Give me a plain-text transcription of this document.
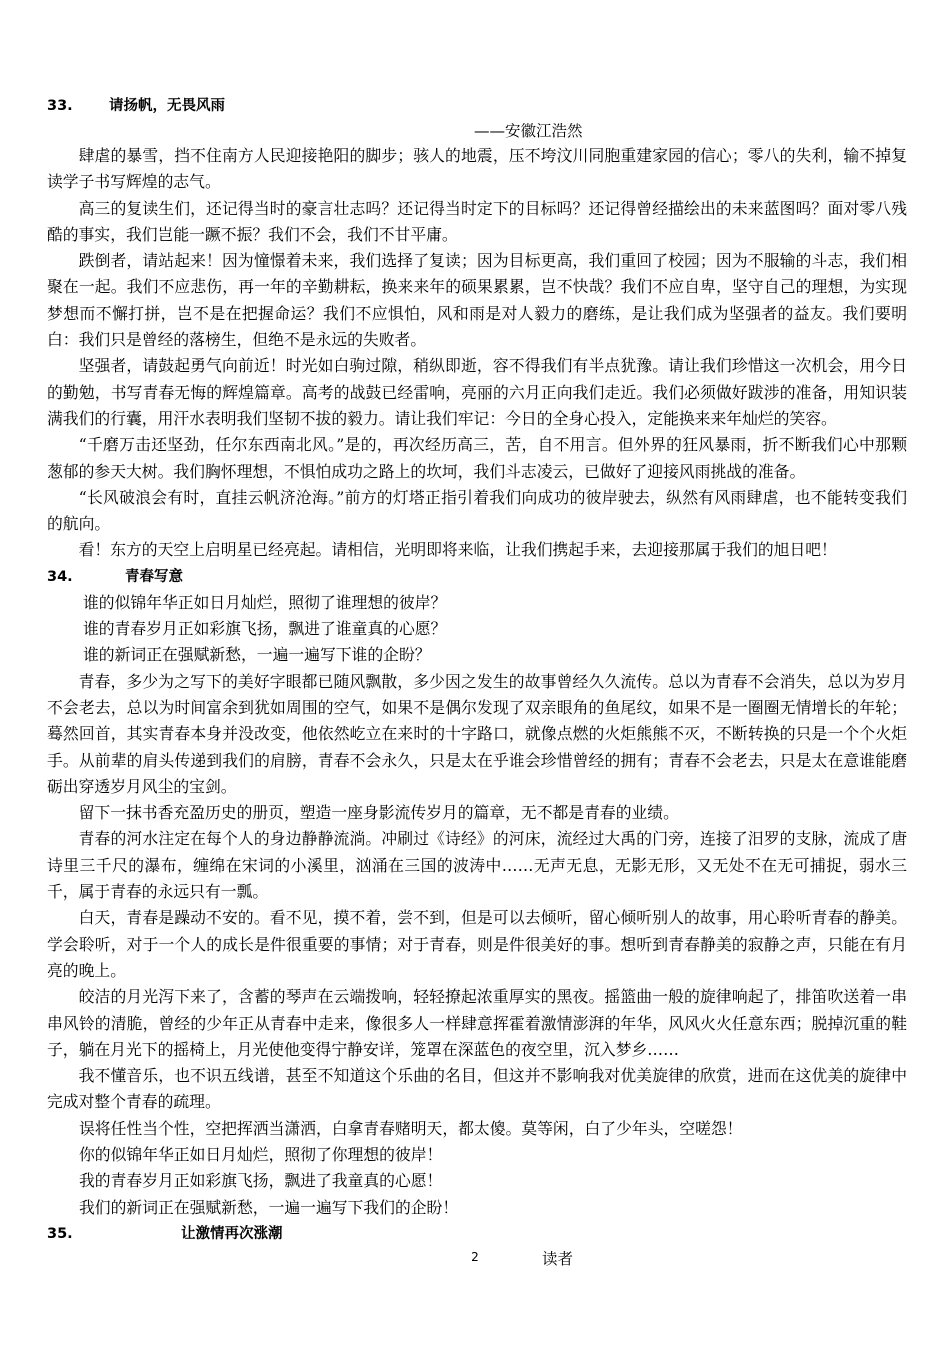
33.	请扬帆，无畏风雨
——安徽江浩然

肆虐的暴雪，挡不住南方人民迎接艳阳的脚步；骇人的地震，压不垮汶川同胞重建家园的信心；零八的失利，输不掉复读学子书写辉煌的志气。

高三的复读生们，还记得当时的豪言壮志吗？还记得当时定下的目标吗？还记得曾经描绘出的未来蓝图吗？面对零八残酷的事实，我们岂能一蹶不振？我们不会，我们不甘平庸。

跌倒者，请站起来！因为憧憬着未来，我们选择了复读；因为目标更高，我们重回了校园；因为不服输的斗志，我们相聚在一起。我们不应悲伤，再一年的辛勤耕耘，换来来年的硕果累累，岂不快哉？我们不应自卑，坚守自己的理想，为实现梦想而不懈打拼，岂不是在把握命运？我们不应惧怕，风和雨是对人毅力的磨练，是让我们成为坚强者的益友。我们要明白：我们只是曾经的落榜生，但绝不是永远的失败者。

坚强者，请鼓起勇气向前近！时光如白驹过隙，稍纵即逝，容不得我们有半点犹豫。请让我们珍惜这一次机会，用今日的勤勉，书写青春无悔的辉煌篇章。高考的战鼓已经雷响，亮丽的六月正向我们走近。我们必须做好跋涉的准备，用知识装满我们的行囊，用汗水表明我们坚韧不拔的毅力。请让我们牢记：今日的全身心投入，定能换来来年灿烂的笑容。

“千磨万击还坚劲，任尔东西南北风。”是的，再次经历高三，苦，自不用言。但外界的狂风暴雨，折不断我们心中那颗葱郁的参天大树。我们胸怀理想，不惧怕成功之路上的坎坷，我们斗志凌云，已做好了迎接风雨挑战的准备。

“长风破浪会有时，直挂云帆济沧海。”前方的灯塔正指引着我们向成功的彼岸驶去，纵然有风雨肆虐，也不能转变我们的航向。

看！东方的天空上启明星已经亮起。请相信，光明即将来临，让我们携起手来，去迎接那属于我们的旭日吧！

34.	青春写意

谁的似锦年华正如日月灿烂，照彻了谁理想的彼岸？

谁的青春岁月正如彩旗飞扬，飘进了谁童真的心愿？

谁的新词正在强赋新愁，一遍一遍写下谁的企盼？

青春，多少为之写下的美好字眼都已随风飘散，多少因之发生的故事曾经久久流传。总以为青春不会消失，总以为岁月不会老去，总以为时间富余到犹如周围的空气，如果不是偶尔发现了双亲眼角的鱼尾纹，如果不是一圈圈无情增长的年轮；蓦然回首，其实青春本身并没改变，他依然屹立在来时的十字路口，就像点燃的火炬熊熊不灭，不断转换的只是一个个火炬手。从前辈的肩头传递到我们的肩膀，青春不会永久，只是太在乎谁会珍惜曾经的拥有；青春不会老去，只是太在意谁能磨砺出穿透岁月风尘的宝剑。

留下一抹书香充盈历史的册页，塑造一座身影流传岁月的篇章，无不都是青春的业绩。

青春的河水注定在每个人的身边静静流淌。冲刷过《诗经》的河床，流经过大禹的门旁，连接了汨罗的支脉，流成了唐诗里三千尺的瀑布，缠绵在宋词的小溪里，汹涌在三国的波涛中……无声无息，无影无形，又无处不在无可捕捉，弱水三千，属于青春的永远只有一瓢。

白天，青春是躁动不安的。看不见，摸不着，尝不到，但是可以去倾听，留心倾听别人的故事，用心聆听青春的静美。学会聆听，对于一个人的成长是件很重要的事情；对于青春，则是件很美好的事。想听到青春静美的寂静之声，只能在有月亮的晚上。

皎洁的月光泻下来了，含蓄的琴声在云端拨响，轻轻撩起浓重厚实的黑夜。摇篮曲一般的旋律响起了，排笛吹送着一串串风铃的清脆，曾经的少年正从青春中走来，像很多人一样肆意挥霍着激情澎湃的年华，风风火火任意东西；脱掉沉重的鞋子，躺在月光下的摇椅上，月光使他变得宁静安详，笼罩在深蓝色的夜空里，沉入梦乡……

我不懂音乐，也不识五线谱，甚至不知道这个乐曲的名目，但这并不影响我对优美旋律的欣赏，进而在这优美的旋律中完成对整个青春的疏理。

误将任性当个性，空把挥洒当潇洒，白拿青春赌明天，都太傻。莫等闲，白了少年头，空嗟怨！

你的似锦年华正如日月灿烂，照彻了你理想的彼岸！

我的青春岁月正如彩旗飞扬，飘进了我童真的心愿！

我们的新词正在强赋新愁，一遍一遍写下我们的企盼！

35.	让激情再次涨潮
读者
2
